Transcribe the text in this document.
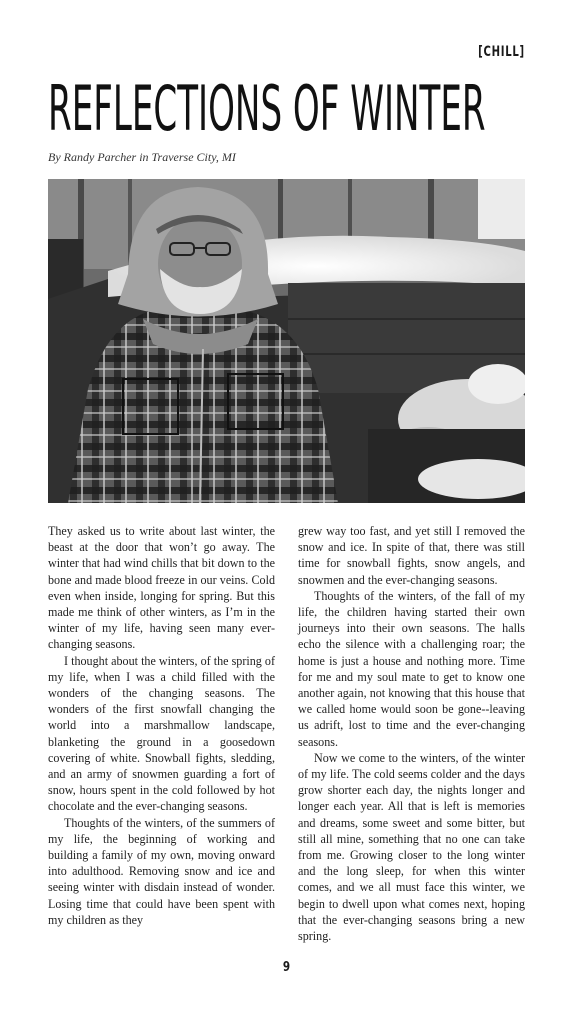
[CHILL]
REFLECTIONS OF WINTER
By Randy Parcher in Traverse City, MI

They asked us to write about last winter, the beast at the door that won’t go away. The winter that had wind chills that bit down to the bone and made blood freeze in our veins. Cold even when inside, longing for spring. But this made me think of other winters, as I’m in the winter of my life, having seen many ever-changing seasons.

I thought about the winters, of the spring of my life, when I was a child filled with the wonders of the changing seasons. The wonders of the first snowfall changing the world into a marshmallow landscape, blanketing the ground in a goosedown covering of white. Snowball fights, sledding, and an army of snowmen guarding a fort of snow, hours spent in the cold followed by hot chocolate and the ever-changing seasons.

Thoughts of the winters, of the summers of my life, the beginning of working and building a family of my own, moving onward into adulthood. Removing snow and ice and seeing winter with disdain instead of wonder. Losing time that could have been spent with my children as they

grew way too fast, and yet still I removed the snow and ice. In spite of that, there was still time for snowball fights, snow angels, and snowmen and the ever-changing seasons.

Thoughts of the winters, of the fall of my life, the children having started their own journeys into their own seasons. The halls echo the silence with a challenging roar; the home is just a house and nothing more. Time for me and my soul mate to get to know one another again, not knowing that this house that we called home would soon be gone--leaving us adrift, lost to time and the ever-changing seasons.

Now we come to the winters, of the winter of my life. The cold seems colder and the days grow shorter each day, the nights longer and longer each year. All that is left is memories and dreams, some sweet and some bitter, but still all mine, something that no one can take from me. Growing closer to the long winter and the long sleep, for when this winter comes, and we all must face this winter, we begin to dwell upon what comes next, hoping that the ever-changing seasons bring a new spring.

9
